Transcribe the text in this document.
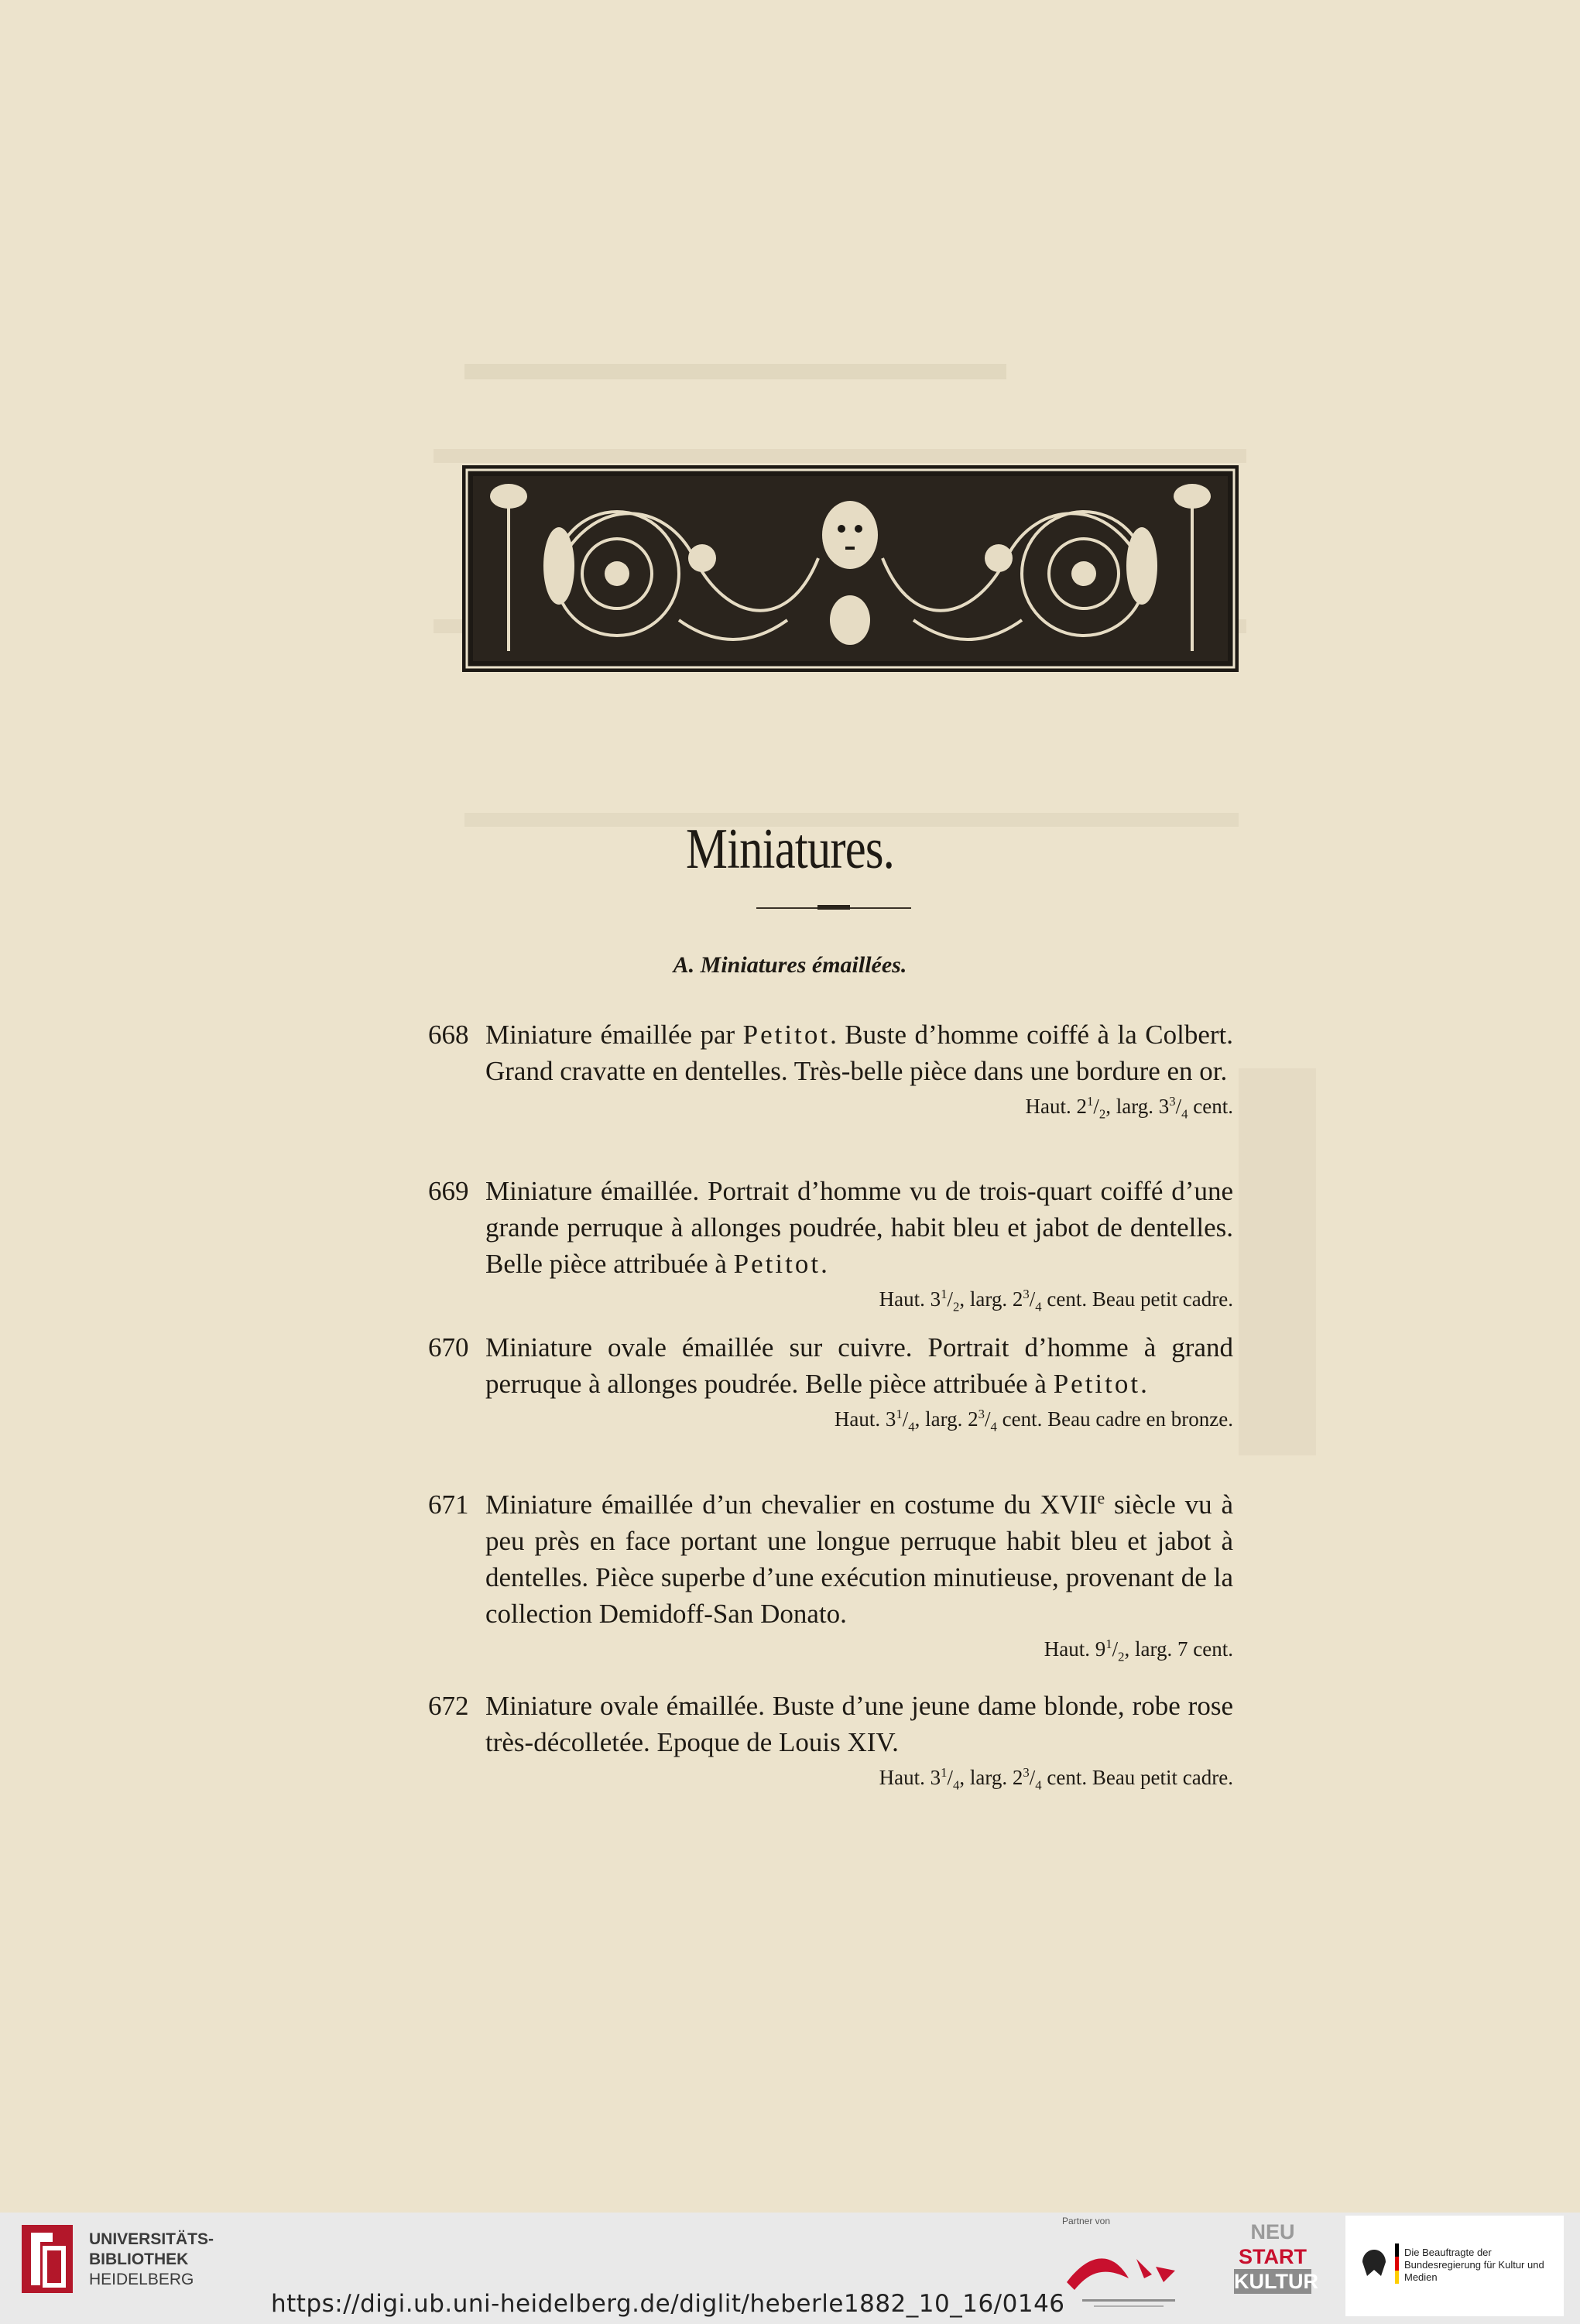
Miniatures.
A. Miniatures émaillées.
668 Miniature émaillée par Petitot. Buste d’homme coiffé à la Colbert. Grand cravatte en dentelles. Très-belle pièce dans une bordure en or.
Haut. $2^1/_2$, larg. $3^3/_4$ cent.
669 Miniature émaillée. Portrait d’homme vu de trois-quart coiffé d’une grande perruque à allonges poudrée, habit bleu et jabot de dentelles. Belle pièce attribuée à Petitot.
Haut. $3^1/_2$, larg. $2^3/_4$ cent. Beau petit cadre.
670 Miniature ovale émaillée sur cuivre. Portrait d’homme à grand perruque à allonges poudrée. Belle pièce attribuée à Petitot.
Haut. $3^1/_4$, larg. $2^3/_4$ cent. Beau cadre en bronze.
671 Miniature émaillée d’un chevalier en costume du XVIIe siècle vu à peu près en face portant une longue perruque habit bleu et jabot à dentelles. Pièce superbe d’une exécution minutieuse, provenant de la collection Demidoff-San Donato.
Haut. $9^1/_2$, larg. 7 cent.
672 Miniature ovale émaillée. Buste d’une jeune dame blonde, robe rose très-décolletée. Epoque de Louis XIV.
Haut. $3^1/_4$, larg. $2^3/_4$ cent. Beau petit cadre.
UNIVERSITÄTS-
BIBLIOTHEK
HEIDELBERG
https://digi.ub.uni-heidelberg.de/diglit/heberle1882_10_16/0146
Partner von	NEU
START
KULTUR
Die Beauftragte der Bundesregierung für Kultur und Medien
